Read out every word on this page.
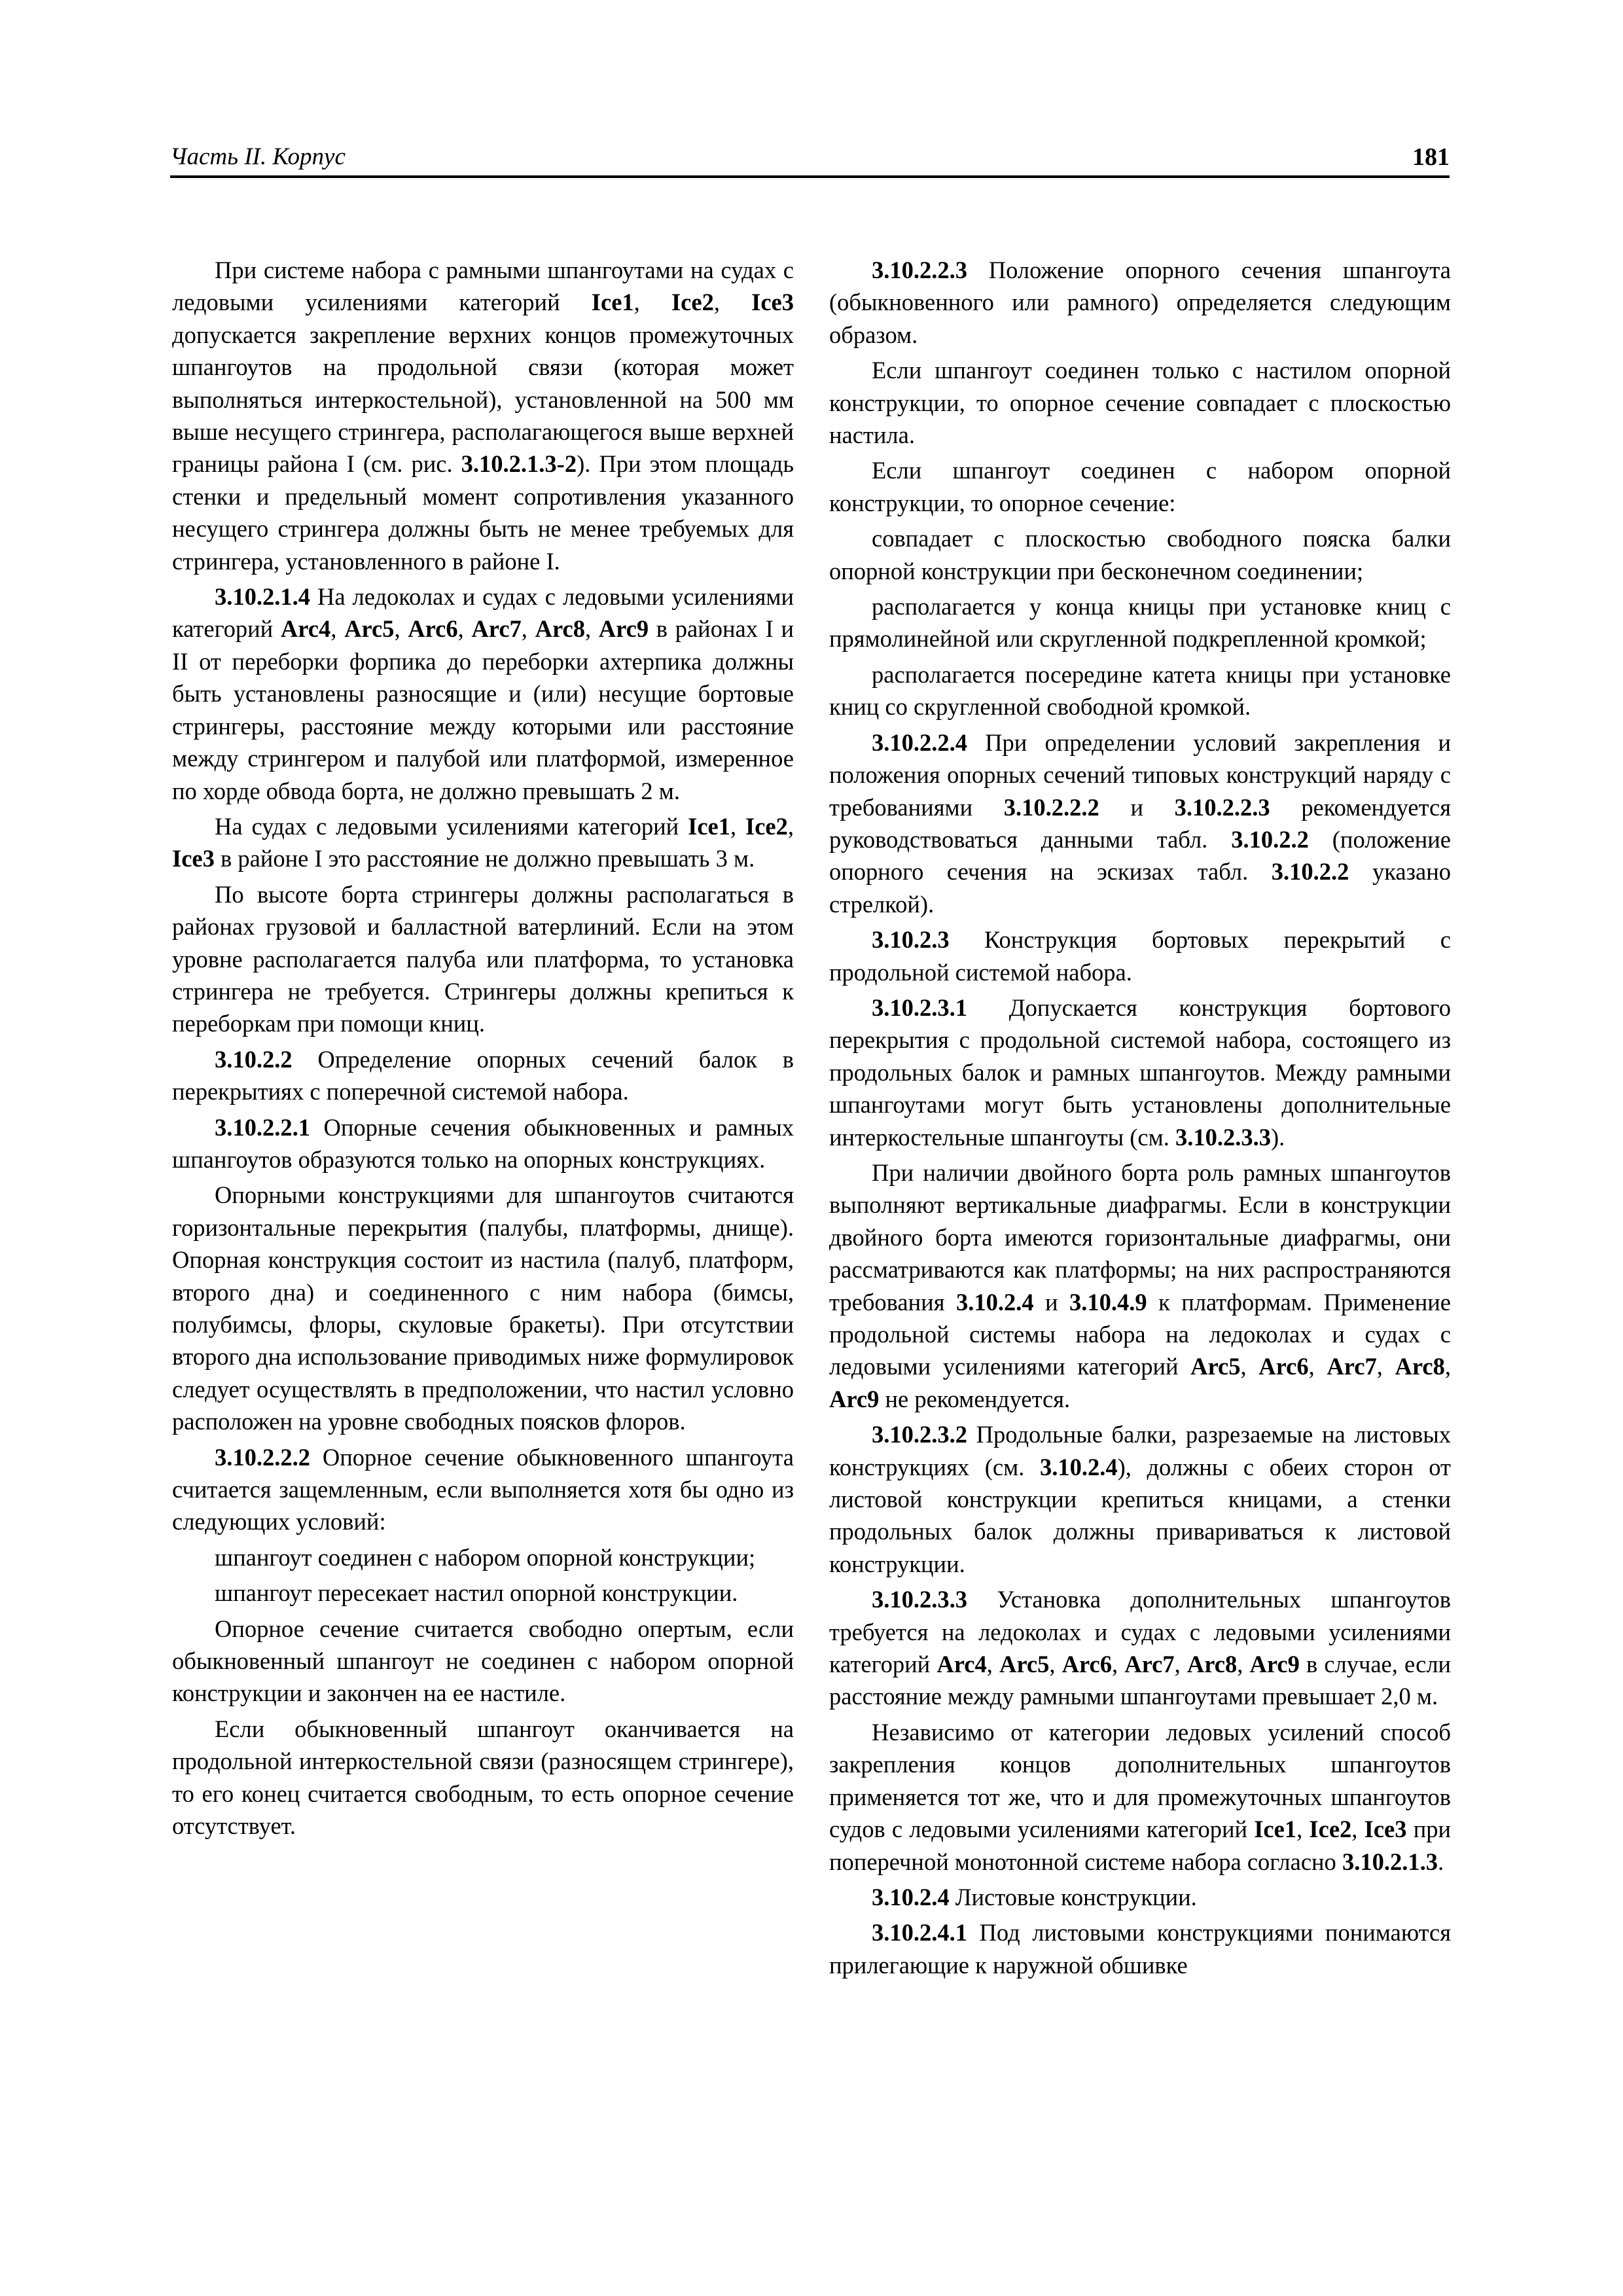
Часть II. Корпус	181

При системе набора с рамными шпангоутами на судах с ледовыми усилениями категорий Ice1, Ice2, Ice3 допускается закрепление верхних концов промежуточных шпангоутов на продольной связи (которая может выполняться интеркостельной), установленной на 500 мм выше несущего стрингера, располагающегося выше верхней границы района I (см. рис. 3.10.2.1.3-2). При этом площадь стенки и предельный момент сопротивления указанного несущего стрингера должны быть не менее требуемых для стрингера, установленного в районе I.

3.10.2.1.4 На ледоколах и судах с ледовыми усилениями категорий Arc4, Arc5, Arc6, Arc7, Arc8, Arc9 в районах I и II от переборки форпика до переборки ахтерпика должны быть установлены разносящие и (или) несущие бортовые стрингеры, расстояние между которыми или расстояние между стрингером и палубой или платформой, измеренное по хорде обвода борта, не должно превышать 2 м.

На судах с ледовыми усилениями категорий Ice1, Ice2, Ice3 в районе I это расстояние не должно превышать 3 м.

По высоте борта стрингеры должны располагаться в районах грузовой и балластной ватерлиний. Если на этом уровне располагается палуба или платформа, то установка стрингера не требуется. Стрингеры должны крепиться к переборкам при помощи книц.

3.10.2.2 Определение опорных сечений балок в перекрытиях с поперечной системой набора.

3.10.2.2.1 Опорные сечения обыкновенных и рамных шпангоутов образуются только на опорных конструкциях.

Опорными конструкциями для шпангоутов считаются горизонтальные перекрытия (палубы, платформы, днище). Опорная конструкция состоит из настила (палуб, платформ, второго дна) и соединенного с ним набора (бимсы, полубимсы, флоры, скуловые бракеты). При отсутствии второго дна использование приводимых ниже формулировок следует осуществлять в предположении, что настил условно расположен на уровне свободных поясков флоров.

3.10.2.2.2 Опорное сечение обыкновенного шпангоута считается защемленным, если выполняется хотя бы одно из следующих условий:

шпангоут соединен с набором опорной конструкции;

шпангоут пересекает настил опорной конструкции.

Опорное сечение считается свободно опертым, если обыкновенный шпангоут не соединен с набором опорной конструкции и закончен на ее настиле.

Если обыкновенный шпангоут оканчивается на продольной интеркостельной связи (разносящем стрингере), то его конец считается свободным, то есть опорное сечение отсутствует.

3.10.2.2.3 Положение опорного сечения шпангоута (обыкновенного или рамного) определяется следующим образом.

Если шпангоут соединен только с настилом опорной конструкции, то опорное сечение совпадает с плоскостью настила.

Если шпангоут соединен с набором опорной конструкции, то опорное сечение:

совпадает с плоскостью свободного пояска балки опорной конструкции при бесконечном соединении;

располагается у конца кницы при установке книц с прямолинейной или скругленной подкрепленной кромкой;

располагается посередине катета кницы при установке книц со скругленной свободной кромкой.

3.10.2.2.4 При определении условий закрепления и положения опорных сечений типовых конструкций наряду с требованиями 3.10.2.2.2 и 3.10.2.2.3 рекомендуется руководствоваться данными табл. 3.10.2.2 (положение опорного сечения на эскизах табл. 3.10.2.2 указано стрелкой).

3.10.2.3 Конструкция бортовых перекрытий с продольной системой набора.

3.10.2.3.1 Допускается конструкция бортового перекрытия с продольной системой набора, состоящего из продольных балок и рамных шпангоутов. Между рамными шпангоутами могут быть установлены дополнительные интеркостельные шпангоуты (см. 3.10.2.3.3).

При наличии двойного борта роль рамных шпангоутов выполняют вертикальные диафрагмы. Если в конструкции двойного борта имеются горизонтальные диафрагмы, они рассматриваются как платформы; на них распространяются требования 3.10.2.4 и 3.10.4.9 к платформам. Применение продольной системы набора на ледоколах и судах с ледовыми усилениями категорий Arc5, Arc6, Arc7, Arc8, Arc9 не рекомендуется.

3.10.2.3.2 Продольные балки, разрезаемые на листовых конструкциях (см. 3.10.2.4), должны с обеих сторон от листовой конструкции крепиться кницами, а стенки продольных балок должны привариваться к листовой конструкции.

3.10.2.3.3 Установка дополнительных шпангоутов требуется на ледоколах и судах с ледовыми усилениями категорий Arc4, Arc5, Arc6, Arc7, Arc8, Arc9 в случае, если расстояние между рамными шпангоутами превышает 2,0 м.

Независимо от категории ледовых усилений способ закрепления концов дополнительных шпангоутов применяется тот же, что и для промежуточных шпангоутов судов с ледовыми усилениями категорий Ice1, Ice2, Ice3 при поперечной монотонной системе набора согласно 3.10.2.1.3.

3.10.2.4 Листовые конструкции.

3.10.2.4.1 Под листовыми конструкциями понимаются прилегающие к наружной обшивке
